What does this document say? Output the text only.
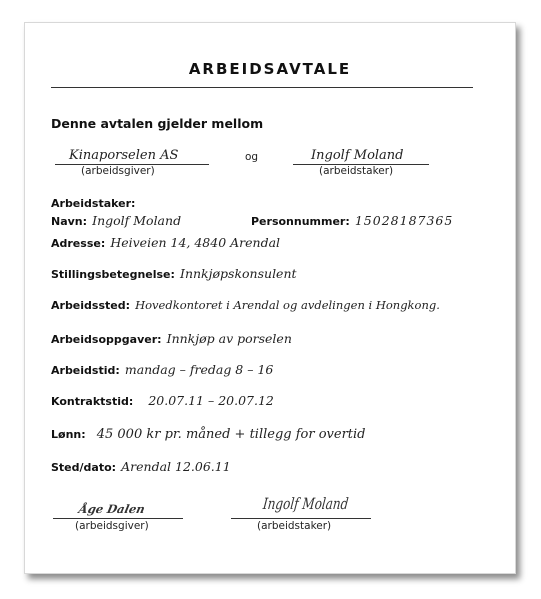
ARBEIDSAVTALE
Denne avtalen gjelder mellom
Kinaporselen AS
(arbeidsgiver)
og	Ingolf Moland
(arbeidstaker)
Arbeidstaker:
Navn: Ingolf Moland	Personnummer: 15028187365
Adresse: Heiveien 14, 4840 Arendal
Stillingsbetegnelse: Innkjøpskonsulent
Arbeidssted: Hovedkontoret i Arendal og avdelingen i Hongkong.
Arbeidsoppgaver: Innkjøp av porselen
Arbeidstid: mandag – fredag 8 – 16
Kontraktstid: 20.07.11 – 20.07.12
Lønn: 45 000 kr pr. måned + tillegg for overtid
Sted/dato: Arendal 12.06.11
Åge Dalen
(arbeidsgiver)
Ingolf Moland
(arbeidstaker)
